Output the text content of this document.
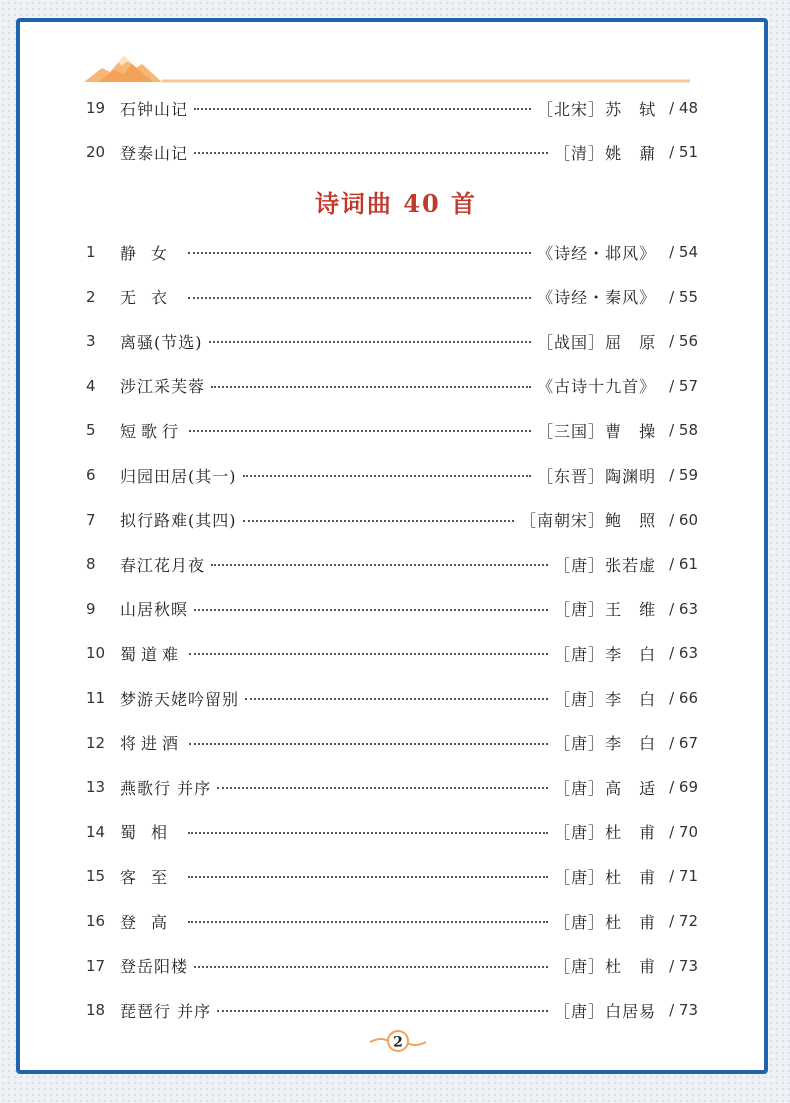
19 石钟山记	［北宋］ 苏　轼 / 48
20 登泰山记	［清］ 姚　鼐 / 51
诗词曲 40 首
1	静女	《诗经・邶风》 / 54
2	无衣	《诗经・秦风》 / 55
3	离骚(节选)	［战国］ 屈　原 / 56
4	涉江采芙蓉	《古诗十九首》 / 57
5	短歌行	［三国］ 曹　操 / 58
6	归园田居(其一)	［东晋］ 陶渊明 / 59
7	拟行路难(其四)	［南朝宋］ 鲍　照 / 60
8	春江花月夜	［唐］ 张若虚 / 61
9	山居秋暝	［唐］ 王　维 / 63
10 蜀道难	［唐］ 李　白 / 63
11 梦游天姥吟留别	［唐］ 李　白 / 66
12 将进酒	［唐］ 李　白 / 67
13 燕歌行 并序	［唐］ 高　适 / 69
14 蜀相	［唐］ 杜　甫 / 70
15 客至	［唐］ 杜　甫 / 71
16 登高	［唐］ 杜　甫 / 72
17 登岳阳楼	［唐］ 杜　甫 / 73
18 琵琶行 并序	［唐］ 白居易 / 73
2
